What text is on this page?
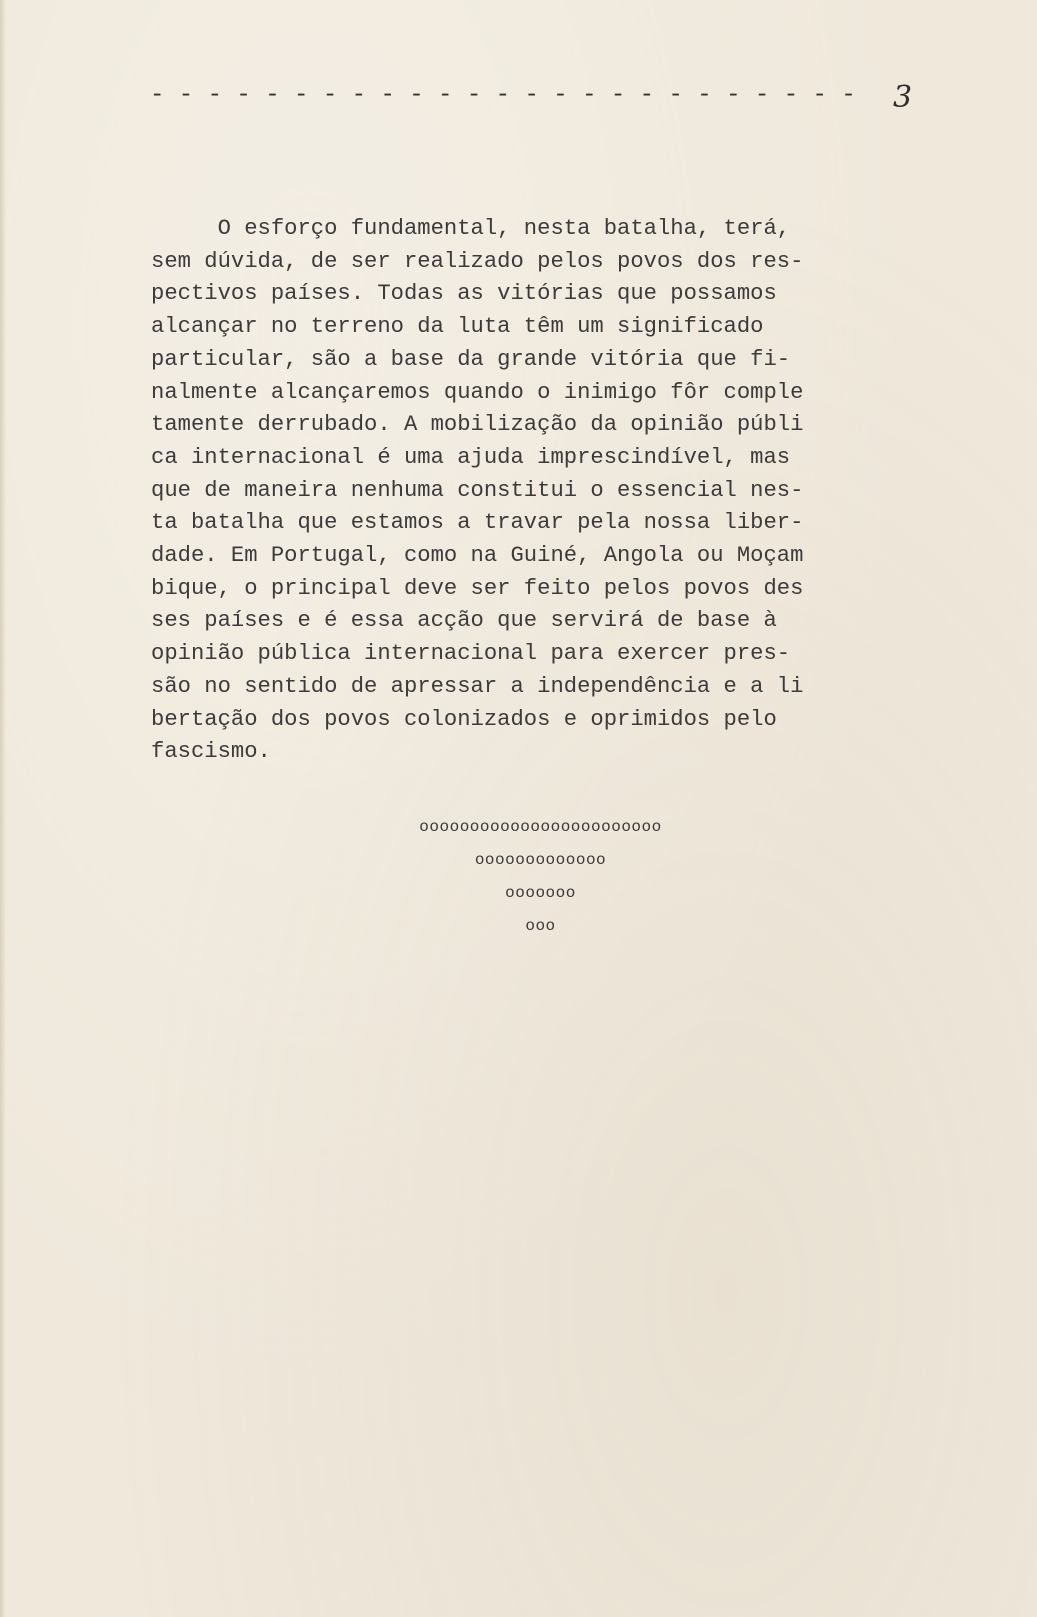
- - - - - - - - - - - - - - - - - - - - - - - - - 3
O esforço fundamental, nesta batalha, terá,
sem dúvida, de ser realizado pelos povos dos res-
pectivos países. Todas as vitórias que possamos
alcançar no terreno da luta têm um significado
particular, são a base da grande vitória que fi-
nalmente alcançaremos quando o inimigo fôr comple
tamente derrubado. A mobilização da opinião públi
ca internacional é uma ajuda imprescindível, mas
que de maneira nenhuma constitui o essencial nes-
ta batalha que estamos a travar pela nossa liber-
dade. Em Portugal, como na Guiné, Angola ou Moçam
bique, o principal deve ser feito pelos povos des
ses países e é essa acção que servirá de base à
opinião pública internacional para exercer pres-
são no sentido de apressar a independência e a li
bertação dos povos colonizados e oprimidos pelo
fascismo.
oooooooooooooooooooooooo
ooooooooooooo
ooooooo
ooo
